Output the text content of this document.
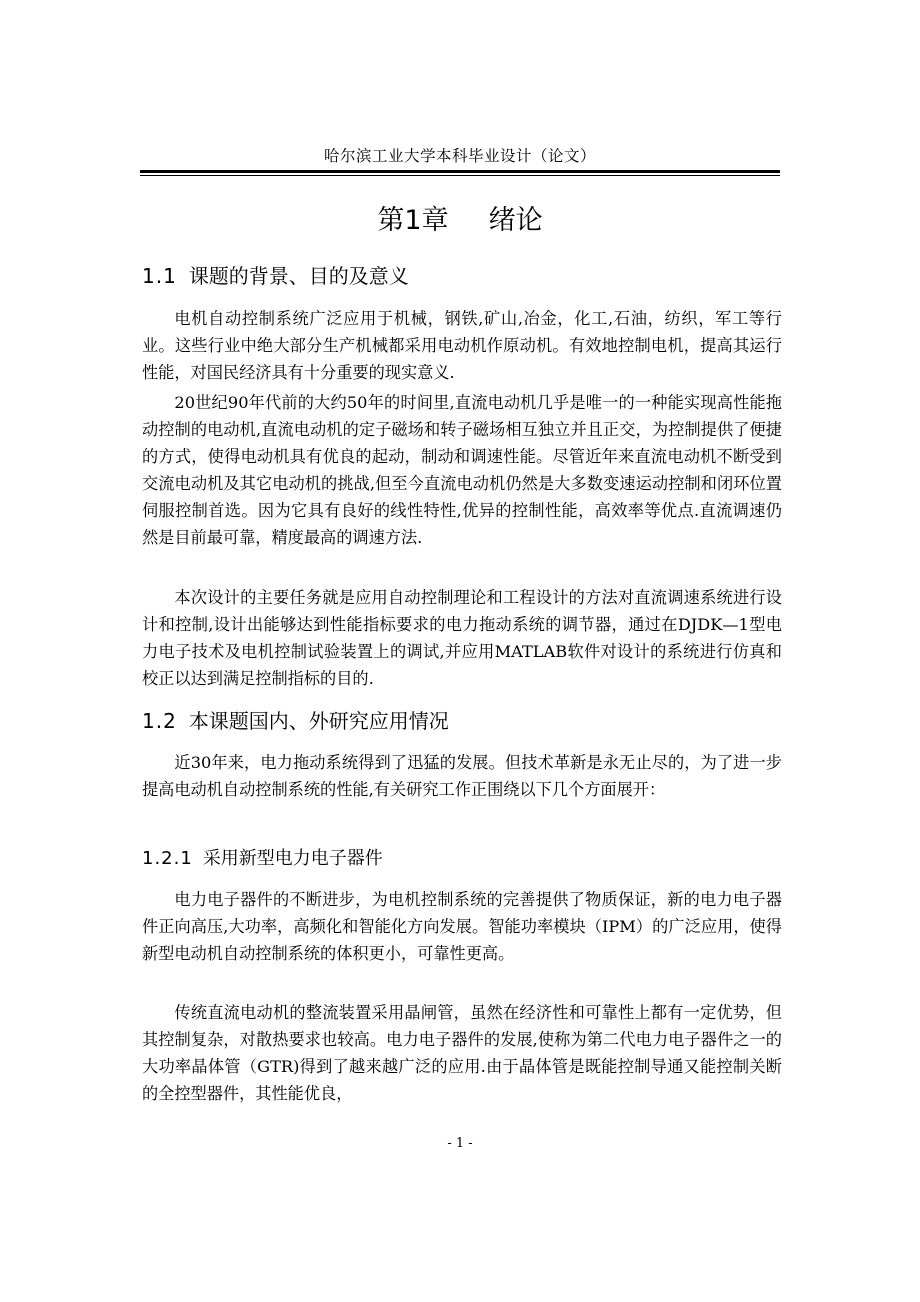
哈尔滨工业大学本科毕业设计（论文）
第1章 绪论
1.1 课题的背景、目的及意义

电机自动控制系统广泛应用于机械，钢铁,矿山,冶金，化工,石油，纺织，军工等行业。这些行业中绝大部分生产机械都采用电动机作原动机。有效地控制电机，提高其运行性能，对国民经济具有十分重要的现实意义.

20世纪90年代前的大约50年的时间里,直流电动机几乎是唯一的一种能实现高性能拖动控制的电动机,直流电动机的定子磁场和转子磁场相互独立并且正交，为控制提供了便捷的方式，使得电动机具有优良的起动，制动和调速性能。尽管近年来直流电动机不断受到交流电动机及其它电动机的挑战,但至今直流电动机仍然是大多数变速运动控制和闭环位置伺服控制首选。因为它具有良好的线性特性,优异的控制性能，高效率等优点.直流调速仍然是目前最可靠，精度最高的调速方法.

本次设计的主要任务就是应用自动控制理论和工程设计的方法对直流调速系统进行设计和控制,设计出能够达到性能指标要求的电力拖动系统的调节器，通过在DJDK—1型电力电子技术及电机控制试验装置上的调试,并应用MATLAB软件对设计的系统进行仿真和校正以达到满足控制指标的目的.

1.2 本课题国内、外研究应用情况

近30年来，电力拖动系统得到了迅猛的发展。但技术革新是永无止尽的，为了进一步提高电动机自动控制系统的性能,有关研究工作正围绕以下几个方面展开：

1.2.1 采用新型电力电子器件

电力电子器件的不断进步，为电机控制系统的完善提供了物质保证，新的电力电子器件正向高压,大功率，高频化和智能化方向发展。智能功率模块（IPM）的广泛应用，使得新型电动机自动控制系统的体积更小，可靠性更高。

传统直流电动机的整流装置采用晶闸管，虽然在经济性和可靠性上都有一定优势，但其控制复杂，对散热要求也较高。电力电子器件的发展,使称为第二代电力电子器件之一的大功率晶体管（GTR)得到了越来越广泛的应用.由于晶体管是既能控制导通又能控制关断的全控型器件，其性能优良，

- 1 -
